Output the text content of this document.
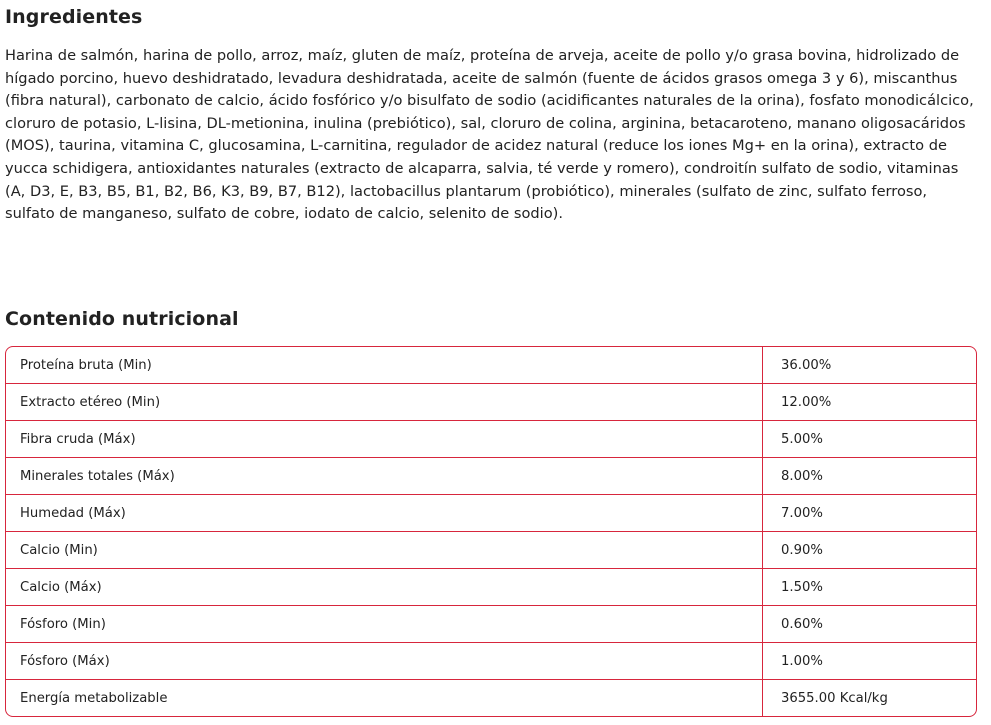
Ingredientes

Harina de salmón, harina de pollo, arroz, maíz, gluten de maíz, proteína de arveja, aceite de pollo y/o grasa bovina, hidrolizado de hígado porcino, huevo deshidratado, levadura deshidratada, aceite de salmón (fuente de ácidos grasos omega 3 y 6), miscanthus (fibra natural), carbonato de calcio, ácido fosfórico y/o bisulfato de sodio (acidificantes naturales de la orina), fosfato monodicálcico, cloruro de potasio, L-lisina, DL-metionina, inulina (prebiótico), sal, cloruro de colina, arginina, betacaroteno, manano oligosacáridos (MOS), taurina, vitamina C, glucosamina, L-carnitina, regulador de acidez natural (reduce los iones Mg+ en la orina), extracto de yucca schidigera, antioxidantes naturales (extracto de alcaparra, salvia, té verde y romero), condroitín sulfato de sodio, vitaminas (A, D3, E, B3, B5, B1, B2, B6, K3, B9, B7, B12), lactobacillus plantarum (probiótico), minerales (sulfato de zinc, sulfato ferroso, sulfato de manganeso, sulfato de cobre, iodato de calcio, selenito de sodio).

Contenido nutricional
Proteína bruta (Min)	36.00%
Extracto etéreo (Min)	12.00%
Fibra cruda (Máx)	5.00%
Minerales totales (Máx)	8.00%
Humedad (Máx)	7.00%
Calcio (Min)	0.90%
Calcio (Máx)	1.50%
Fósforo (Min)	0.60%
Fósforo (Máx)	1.00%
Energía metabolizable	3655.00 Kcal/kg
